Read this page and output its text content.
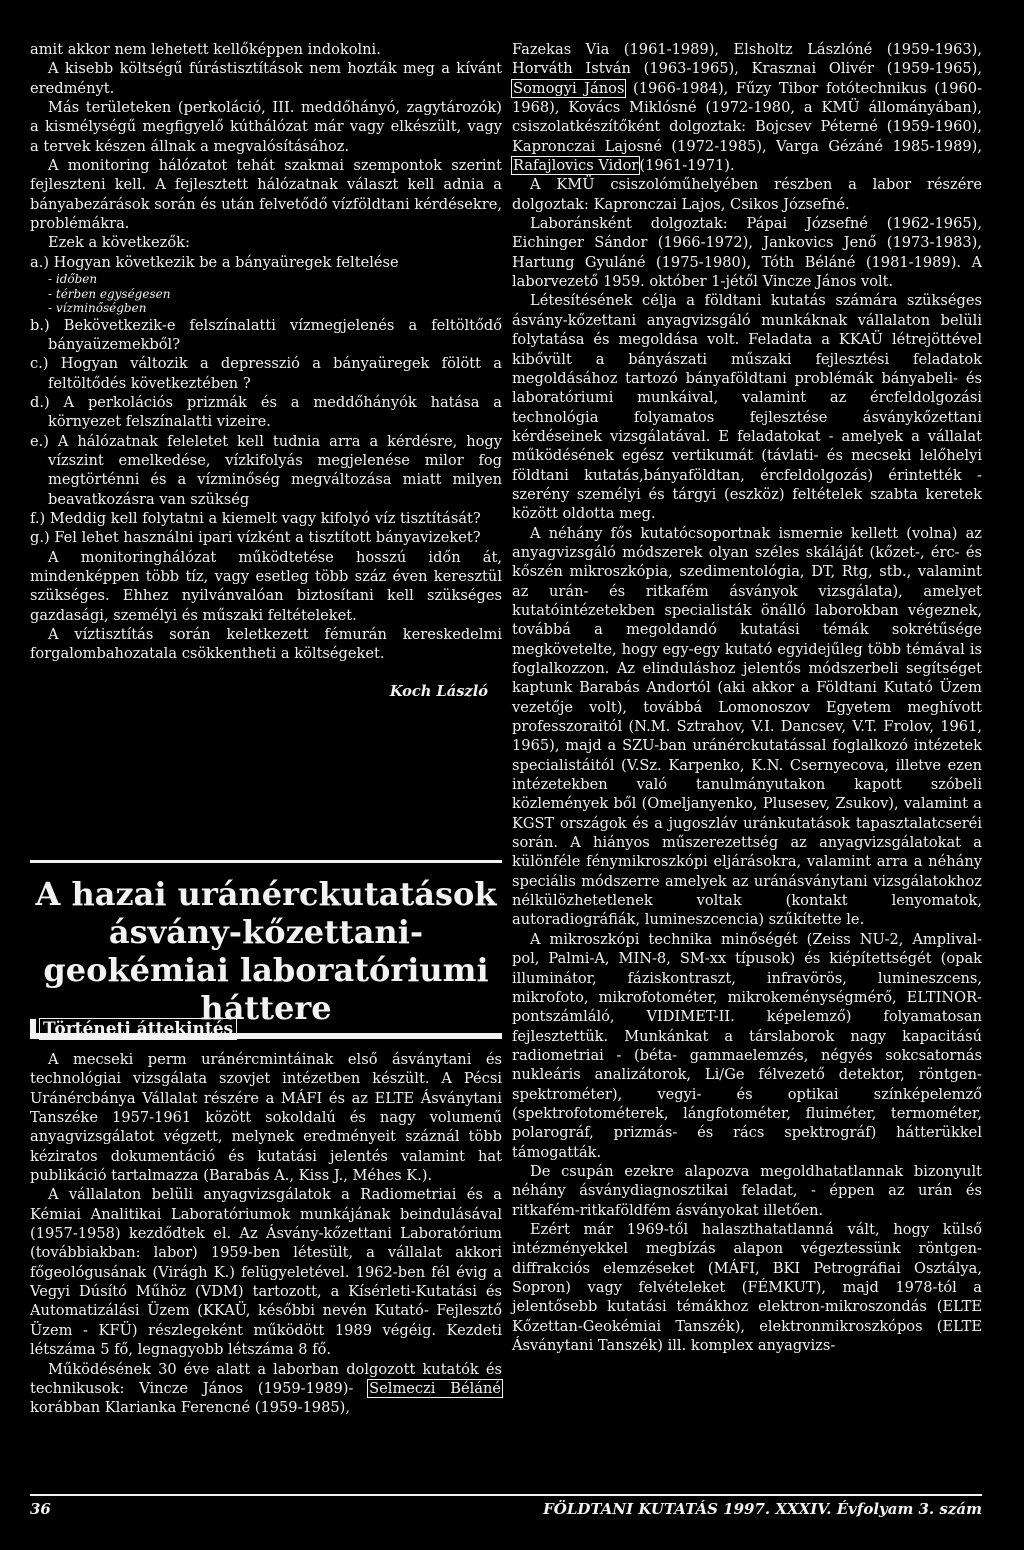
amit akkor nem lehetett kellőképpen indokolni.

A kisebb költségű fúrástisztítások nem hozták meg a kívánt eredményt.

Más területeken (perkoláció, III. meddőhányó, zagytározók) a kismélységű megfigyelő kúthálózat már vagy elkészült, vagy a tervek készen állnak a megvalósításához.

A monitoring hálózatot tehát szakmai szempontok szerint fejleszteni kell. A fejlesztett hálózatnak választ kell adnia a bányabezárások során és után felvetődő vízföldtani kérdésekre, problémákra.

Ezek a következők:

a.) Hogyan következik be a bányaüregek feltelése

- időben

- térben egységesen

- vízminőségben

b.) Bekövetkezik-e felszínalatti vízmegjelenés a feltöltődő bányaüzemekből?

c.) Hogyan változik a depresszió a bányaüregek fölött a feltöltődés következtében ?

d.) A perkolációs prizmák és a meddőhányók hatása a környezet felszínalatti vizeire.

e.) A hálózatnak feleletet kell tudnia arra a kérdésre, hogy vízszint emelkedése, vízkifolyás megjelenése milor fog megtörténni és a vízminőség megváltozása miatt milyen beavatkozásra van szükség

f.) Meddig kell folytatni a kiemelt vagy kifolyó víz tisztítását?

g.) Fel lehet használni ipari vízként a tisztított bányavizeket?

A monitoringhálózat működtetése hosszú időn át, mindenképpen több tíz, vagy esetleg több száz éven keresztül szükséges. Ehhez nyilvánvalóan biztosítani kell szükséges gazdasági, személyi és műszaki feltételeket.

A víztisztítás során keletkezett fémurán kereskedelmi forgalombahozatala csökkentheti a költségeket.

Koch László

A hazai uránérckutatások ásvány-kőzettani-geokémiai laboratóriumi háttere
Történeti áttekintés

A mecseki perm uránércmintáinak első ásványtani és technológiai vizsgálata szovjet intézetben készült. A Pécsi Uránércbánya Vállalat részére a MÁFI és az ELTE Ásványtani Tanszéke 1957-1961 között sokoldalú és nagy volumenű anyagvizsgálatot végzett, melynek eredményeit száznál több kéziratos dokumentáció és kutatási jelentés valamint hat publikáció tartalmazza (Barabás A., Kiss J., Méhes K.).

A vállalaton belüli anyagvizsgálatok a Radiometriai és a Kémiai Analitikai Laboratóriumok munkájának beindulásával (1957-1958) kezdődtek el. Az Ásvány-kőzettani Laboratórium (továbbiakban: labor) 1959-ben létesült, a vállalat akkori főgeológusának (Virágh K.) felügyeletével. 1962-ben fél évig a Vegyi Dúsító Műhöz (VDM) tartozott, a Kísérleti-Kutatási és Automatizálási Üzem (KKAÜ, későbbi nevén Kutató- Fejlesztő Üzem - KFÜ) részlegeként működött 1989 végéig. Kezdeti létszáma 5 fő, legnagyobb létszáma 8 fő.

Működésének 30 éve alatt a laborban dolgozott kutatók és technikusok: Vincze János (1959-1989)- Selmeczi Béláné korábban Klarianka Ferencné (1959-1985),

Fazekas Via (1961-1989), Elsholtz Lászlóné (1959-1963), Horváth István (1963-1965), Krasznai Olivér (1959-1965), Somogyi János (1966-1984), Fűzy Tibor fotótechnikus (1960-1968), Kovács Miklósné (1972-1980, a KMÜ állományában), csiszolatkészítőként dolgoztak: Bojcsev Péterné (1959-1960), Kapronczai Lajosné (1972-1985), Varga Gézáné 1985-1989), Rafajlovics Vidor(1961-1971).

A KMÜ csiszolóműhelyében részben a labor részére dolgoztak: Kapronczai Lajos, Csikos Józsefné.

Laboránsként dolgoztak: Pápai Józsefné (1962-1965), Eichinger Sándor (1966-1972), Jankovics Jenő (1973-1983), Hartung Gyuláné (1975-1980), Tóth Béláné (1981-1989). A laborvezető 1959. október 1-jétől Vincze János volt.

Létesítésének célja a földtani kutatás számára szükséges ásvány-kőzettani anyagvizsgáló munkáknak vállalaton belüli folytatása és megoldása volt. Feladata a KKAÜ létrejöttével kibővült a bányászati műszaki fejlesztési feladatok megoldásához tartozó bányaföldtani problémák bányabeli- és laboratóriumi munkáival, valamint az ércfeldolgozási technológia folyamatos fejlesztése ásványkőzettani kérdéseinek vizsgálatával. E feladatokat - amelyek a vállalat működésének egész vertikumát (távlati- és mecseki lelőhelyi földtani kutatás,bányaföldtan, ércfeldolgozás) érintették - szerény személyi és tárgyi (eszköz) feltételek szabta keretek között oldotta meg.

A néhány fős kutatócsoportnak ismernie kellett (volna) az anyagvizsgáló módszerek olyan széles skáláját (kőzet-, érc- és kőszén mikroszkópia, szedimentológia, DT, Rtg, stb., valamint az urán- és ritkafém ásványok vizsgálata), amelyet kutatóintézetekben specialisták önálló laborokban végeznek, továbbá a megoldandó kutatási témák sokrétűsége megkövetelte, hogy egy-egy kutató egyidejűleg több témával is foglalkozzon. Az elinduláshoz jelentős módszerbeli segítséget kaptunk Barabás Andortól (aki akkor a Földtani Kutató Üzem vezetője volt), továbbá Lomonoszov Egyetem meghívott professzoraitól (N.M. Sztrahov, V.I. Dancsev, V.T. Frolov, 1961, 1965), majd a SZU-ban uránérckutatással foglalkozó intézetek specialistáitól (V.Sz. Karpenko, K.N. Csernyecova, illetve ezen intézetekben való tanulmányutakon kapott szóbeli közlemények ből (Omeljanyenko, Plusesev, Zsukov), valamint a KGST országok és a jugoszláv uránkutatások tapasztalatcseréi során. A hiányos műszerezettség az anyagvizsgálatokat a különféle fénymikroszkópi eljárásokra, valamint arra a néhány speciális módszerre amelyek az uránásványtani vizsgálatokhoz nélkülözhetetlenek voltak (kontakt lenyomatok, autoradiográfiák, lumineszcencia) szűkítette le.

A mikroszkópi technika minőségét (Zeiss NU-2, Amplival-pol, Palmi-A, MIN-8, SM-xx típusok) és kiépítettségét (opak illuminátor, fáziskontraszt, infravörös, lumineszcens, mikrofoto, mikrofotométer, mikrokeménységmérő, ELTINOR-pontszámláló, VIDIMET-II. képelemző) folyamatosan fejlesztettük. Munkánkat a társlaborok nagy kapacitású radiometriai - (béta- gammaelemzés, négyés sokcsatornás nukleáris analizátorok, Li/Ge félvezető detektor, röntgen-spektrométer), vegyi- és optikai színképelemző (spektrofotométerek, lángfotométer, fluiméter, termométer, polarográf, prizmás- és rács spektrográf) hátterükkel támogatták.

De csupán ezekre alapozva megoldhatatlannak bizonyult néhány ásványdiagnosztikai feladat, - éppen az urán és ritkafém-ritkaföldfém ásványokat illetően.

Ezért már 1969-től halaszthatatlanná vált, hogy külső intézményekkel megbízás alapon végeztessünk röntgen-diffrakciós elemzéseket (MÁFI, BKI Petrográfiai Osztálya, Sopron) vagy felvételeket (FÉMKUT), majd 1978-tól a jelentősebb kutatási témákhoz elektron-mikroszondás (ELTE Kőzettan-Geokémiai Tanszék), elektronmikroszkópos (ELTE Ásványtani Tanszék) ill. komplex anyagvizs-

36	FÖLDTANI KUTATÁS 1997. XXXIV. Évfolyam 3. szám
